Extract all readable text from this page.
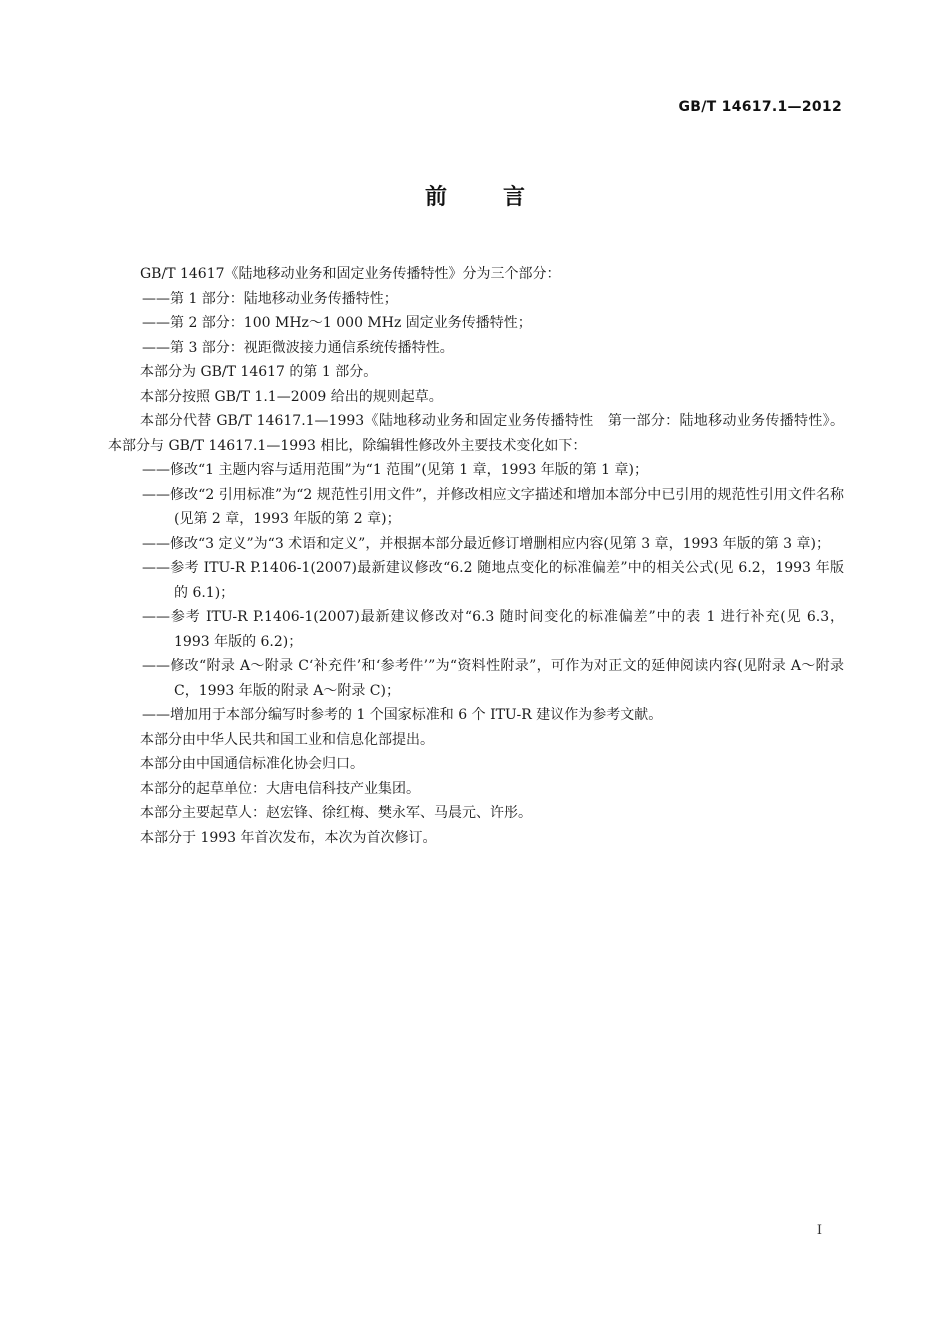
GB/T 14617.1—2012
前	言

GB/T 14617《陆地移动业务和固定业务传播特性》分为三个部分：

——第 1 部分：陆地移动业务传播特性；

——第 2 部分：100 MHz～1 000 MHz 固定业务传播特性；

——第 3 部分：视距微波接力通信系统传播特性。

本部分为 GB/T 14617 的第 1 部分。

本部分按照 GB/T 1.1—2009 给出的规则起草。

本部分代替 GB/T 14617.1—1993《陆地移动业务和固定业务传播特性　第一部分：陆地移动业务传播特性》。本部分与 GB/T 14617.1—1993 相比，除编辑性修改外主要技术变化如下：

——修改“1 主题内容与适用范围”为“1 范围”(见第 1 章，1993 年版的第 1 章)；

——修改“2 引用标准”为“2 规范性引用文件”，并修改相应文字描述和增加本部分中已引用的规范性引用文件名称(见第 2 章，1993 年版的第 2 章)；

——修改“3 定义”为“3 术语和定义”，并根据本部分最近修订增删相应内容(见第 3 章，1993 年版的第 3 章)；

——参考 ITU-R P.1406-1(2007)最新建议修改“6.2 随地点变化的标准偏差”中的相关公式(见 6.2，1993 年版的 6.1)；

——参考 ITU-R P.1406-1(2007)最新建议修改对“6.3 随时间变化的标准偏差”中的表 1 进行补充(见 6.3，1993 年版的 6.2)；

——修改“附录 A～附录 C‘补充件’和‘参考件’”为“资料性附录”，可作为对正文的延伸阅读内容(见附录 A～附录 C，1993 年版的附录 A～附录 C)；

——增加用于本部分编写时参考的 1 个国家标准和 6 个 ITU-R 建议作为参考文献。

本部分由中华人民共和国工业和信息化部提出。

本部分由中国通信标准化协会归口。

本部分的起草单位：大唐电信科技产业集团。

本部分主要起草人：赵宏锋、徐红梅、樊永军、马晨元、许彤。

本部分于 1993 年首次发布，本次为首次修订。

I
